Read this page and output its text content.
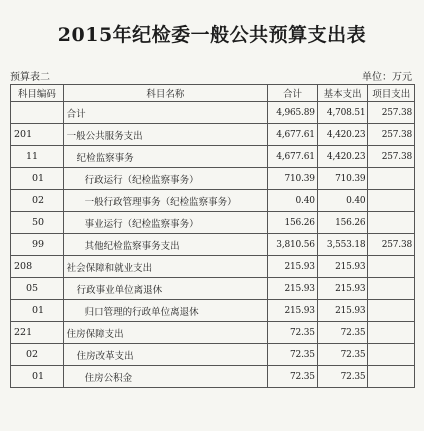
2015年纪检委一般公共预算支出表
预算表二	单位：万元
科目编码	科目名称	合计	基本支出	项目支出
	合计	4,965.89	4,708.51	257.38
201	一般公共服务支出	4,677.61	4,420.23	257.38
11	纪检监察事务	4,677.61	4,420.23	257.38
01	行政运行（纪检监察事务）	710.39	710.39	
02	一般行政管理事务（纪检监察事务）	0.40	0.40	
50	事业运行（纪检监察事务）	156.26	156.26	
99	其他纪检监察事务支出	3,810.56	3,553.18	257.38
208	社会保障和就业支出	215.93	215.93	
05	行政事业单位离退休	215.93	215.93	
01	归口管理的行政单位离退休	215.93	215.93	
221	住房保障支出	72.35	72.35	
02	住房改革支出	72.35	72.35	
01	住房公积金	72.35	72.35	
